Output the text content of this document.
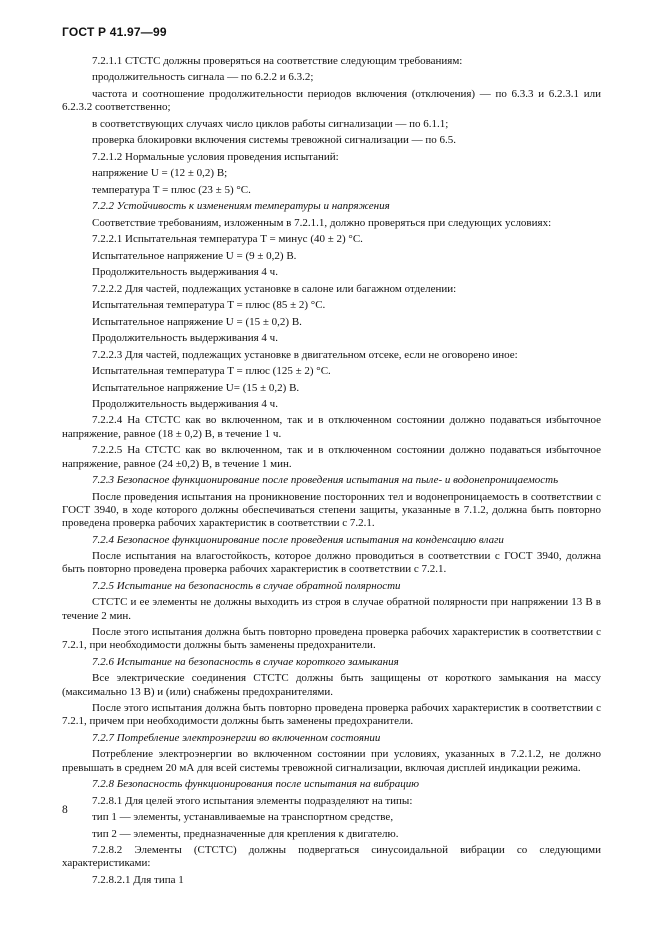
ГОСТ Р 41.97—99

7.2.1.1 СТСТС должны проверяться на соответствие следующим требованиям:

продолжительность сигнала — по 6.2.2 и 6.3.2;

частота и соотношение продолжительности периодов включения (отключения) — по 6.3.3 и 6.2.3.1 или 6.2.3.2 соответственно;

в соответствующих случаях число циклов работы сигнализации — по 6.1.1;

проверка блокировки включения системы тревожной сигнализации — по 6.5.

7.2.1.2 Нормальные условия проведения испытаний:

напряжение U = (12 ± 0,2) В;

температура T = плюс (23 ± 5) °С.

7.2.2 Устойчивость к изменениям температуры и напряжения

Соответствие требованиям, изложенным в 7.2.1.1, должно проверяться при следующих условиях:

7.2.2.1 Испытательная температура T = минус (40 ± 2) °С.

Испытательное напряжение U = (9 ± 0,2) В.

Продолжительность выдерживания 4 ч.

7.2.2.2 Для частей, подлежащих установке в салоне или багажном отделении:

Испытательная температура T = плюс (85 ± 2) °С.

Испытательное напряжение U = (15 ± 0,2) В.

Продолжительность выдерживания 4 ч.

7.2.2.3 Для частей, подлежащих установке в двигательном отсеке, если не оговорено иное:

Испытательная температура T = плюс (125 ± 2) °С.

Испытательное напряжение U= (15 ± 0,2) В.

Продолжительность выдерживания 4 ч.

7.2.2.4 На СТСТС как во включенном, так и в отключенном состоянии должно подаваться избыточное напряжение, равное (18 ± 0,2) В, в течение 1 ч.

7.2.2.5 На СТСТС как во включенном, так и в отключенном состоянии должно подаваться избыточное напряжение, равное (24 ±0,2) В, в течение 1 мин.

7.2.3 Безопасное функционирование после проведения испытания на пыле- и водонепроницаемость

После проведения испытания на проникновение посторонних тел и водонепроницаемость в соответствии с ГОСТ 3940, в ходе которого должны обеспечиваться степени защиты, указанные в 7.1.2, должна быть повторно проведена проверка рабочих характеристик в соответствии с 7.2.1.

7.2.4 Безопасное функционирование после проведения испытания на конденсацию влаги

После испытания на влагостойкость, которое должно проводиться в соответствии с ГОСТ 3940, должна быть повторно проведена проверка рабочих характеристик в соответствии с 7.2.1.

7.2.5 Испытание на безопасность в случае обратной полярности

СТСТС и ее элементы не должны выходить из строя в случае обратной полярности при напряжении 13 В в течение 2 мин.

После этого испытания должна быть повторно проведена проверка рабочих характеристик в соответствии с 7.2.1, при необходимости должны быть заменены предохранители.

7.2.6 Испытание на безопасность в случае короткого замыкания

Все электрические соединения СТСТС должны быть защищены от короткого замыкания на массу (максимально 13 В) и (или) снабжены предохранителями.

После этого испытания должна быть повторно проведена проверка рабочих характеристик в соответствии с 7.2.1, причем при необходимости должны быть заменены предохранители.

7.2.7 Потребление электроэнергии во включенном состоянии

Потребление электроэнергии во включенном состоянии при условиях, указанных в 7.2.1.2, не должно превышать в среднем 20 мА для всей системы тревожной сигнализации, включая дисплей индикации режима.

7.2.8 Безопасность функционирования после испытания на вибрацию

7.2.8.1 Для целей этого испытания элементы подразделяют на типы:

тип 1 — элементы, устанавливаемые на транспортном средстве,

тип 2 — элементы, предназначенные для крепления к двигателю.

7.2.8.2 Элементы (СТСТС) должны подвергаться синусоидальной вибрации со следующими характеристиками:

7.2.8.2.1 Для типа 1

8
